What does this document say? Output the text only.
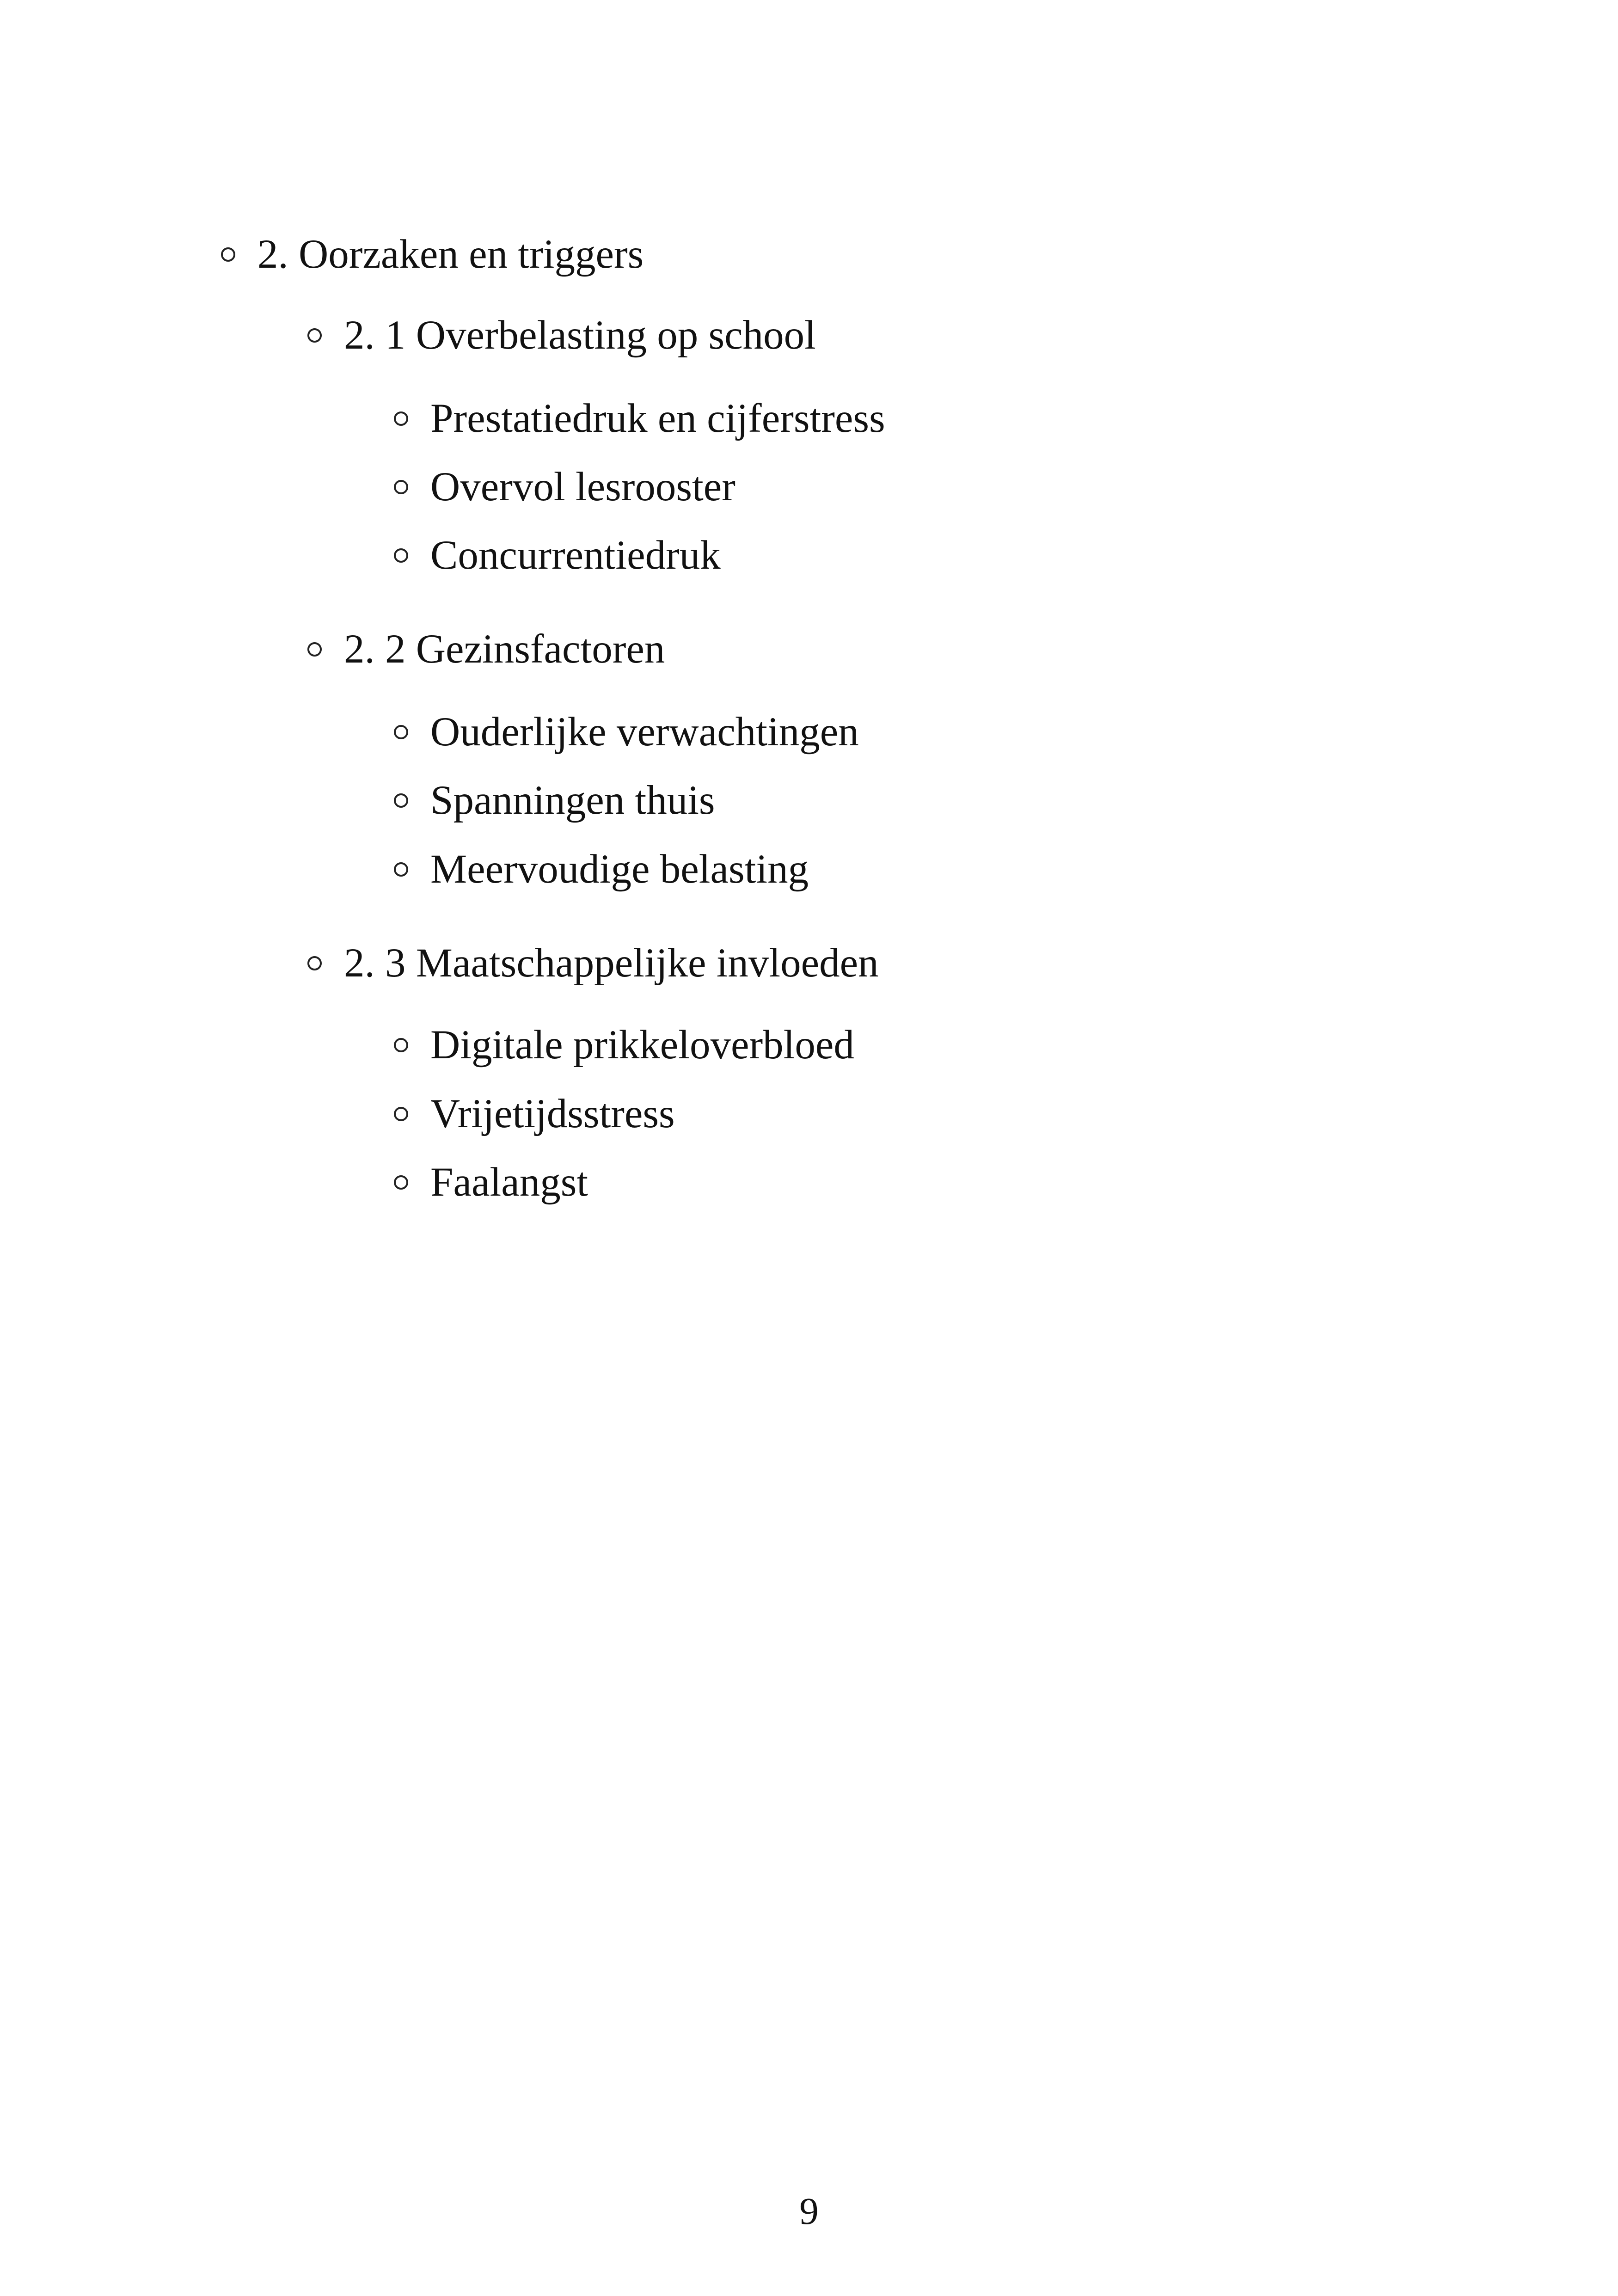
2. Oorzaken en triggers
2. 1 Overbelasting op school
Prestatiedruk en cijferstress
Overvol lesrooster
Concurrentiedruk
2. 2 Gezinsfactoren
Ouderlijke verwachtingen
Spanningen thuis
Meervoudige belasting
2. 3 Maatschappelijke invloeden
Digitale prikkeloverbloed
Vrijetijdsstress
Faalangst
9
